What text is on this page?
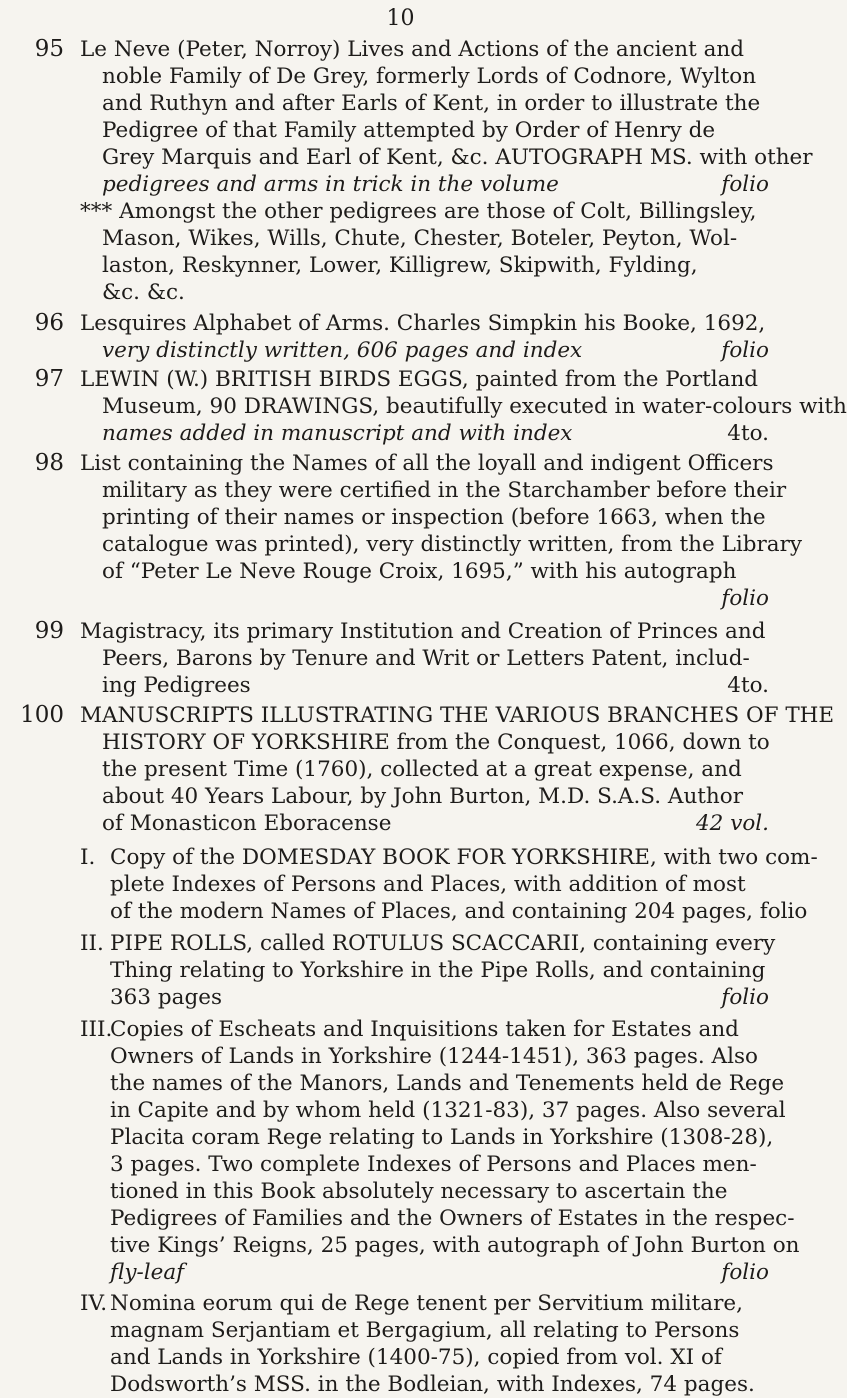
10
95 Le Neve (Peter, Norroy) Lives and Actions of the ancient and
noble Family of De Grey, formerly Lords of Codnore, Wylton
and Ruthyn and after Earls of Kent, in order to illustrate the
Pedigree of that Family attempted by Order of Henry de
Grey Marquis and Earl of Kent, &c. AUTOGRAPH MS. with other
folio
pedigrees and arms in trick in the volume
*** Amongst the other pedigrees are those of Colt, Billingsley,
Mason, Wikes, Wills, Chute, Chester, Boteler, Peyton, Wol-
laston, Reskynner, Lower, Killigrew, Skipwith, Fylding,
&c. &c.
96 Lesquires Alphabet of Arms. Charles Simpkin his Booke, 1692,
folio
very distinctly written, 606 pages and index
97 LEWIN (W.) BRITISH BIRDS EGGS, painted from the Portland
Museum, 90 DRAWINGS, beautifully executed in water-colours with
4to.
names added in manuscript and with index
98 List containing the Names of all the loyall and indigent Officers
military as they were certified in the Starchamber before their
printing of their names or inspection (before 1663, when the
catalogue was printed), very distinctly written, from the Library
of “Peter Le Neve Rouge Croix, 1695,” with his autograph
folio
99 Magistracy, its primary Institution and Creation of Princes and
Peers, Barons by Tenure and Writ or Letters Patent, includ-
4to.
ing Pedigrees
100 MANUSCRIPTS ILLUSTRATING THE VARIOUS BRANCHES OF THE
HISTORY OF YORKSHIRE from the Conquest, 1066, down to
the present Time (1760), collected at a great expense, and
about 40 Years Labour, by John Burton, M.D. S.A.S. Author
42 vol.
of Monasticon Eboracense
I. Copy of the DOMESDAY BOOK FOR YORKSHIRE, with two com-
plete Indexes of Persons and Places, with addition of most
of the modern Names of Places, and containing 204 pages, folio
II. PIPE ROLLS, called ROTULUS SCACCARII, containing every
Thing relating to Yorkshire in the Pipe Rolls, and containing
folio
363 pages
III.
Copies of Escheats and Inquisitions taken for Estates and
Owners of Lands in Yorkshire (1244-1451), 363 pages. Also
the names of the Manors, Lands and Tenements held de Rege
in Capite and by whom held (1321-83), 37 pages. Also several
Placita coram Rege relating to Lands in Yorkshire (1308-28),
3 pages. Two complete Indexes of Persons and Places men-
tioned in this Book absolutely necessary to ascertain the
Pedigrees of Families and the Owners of Estates in the respec-
tive Kings’ Reigns, 25 pages, with autograph of John Burton on
folio
fly-leaf
IV. Nomina eorum qui de Rege tenent per Servitium militare,
magnam Serjantiam et Bergagium, all relating to Persons
and Lands in Yorkshire (1400-75), copied from vol. XI of
Dodsworth’s MSS. in the Bodleian, with Indexes, 74 pages.
